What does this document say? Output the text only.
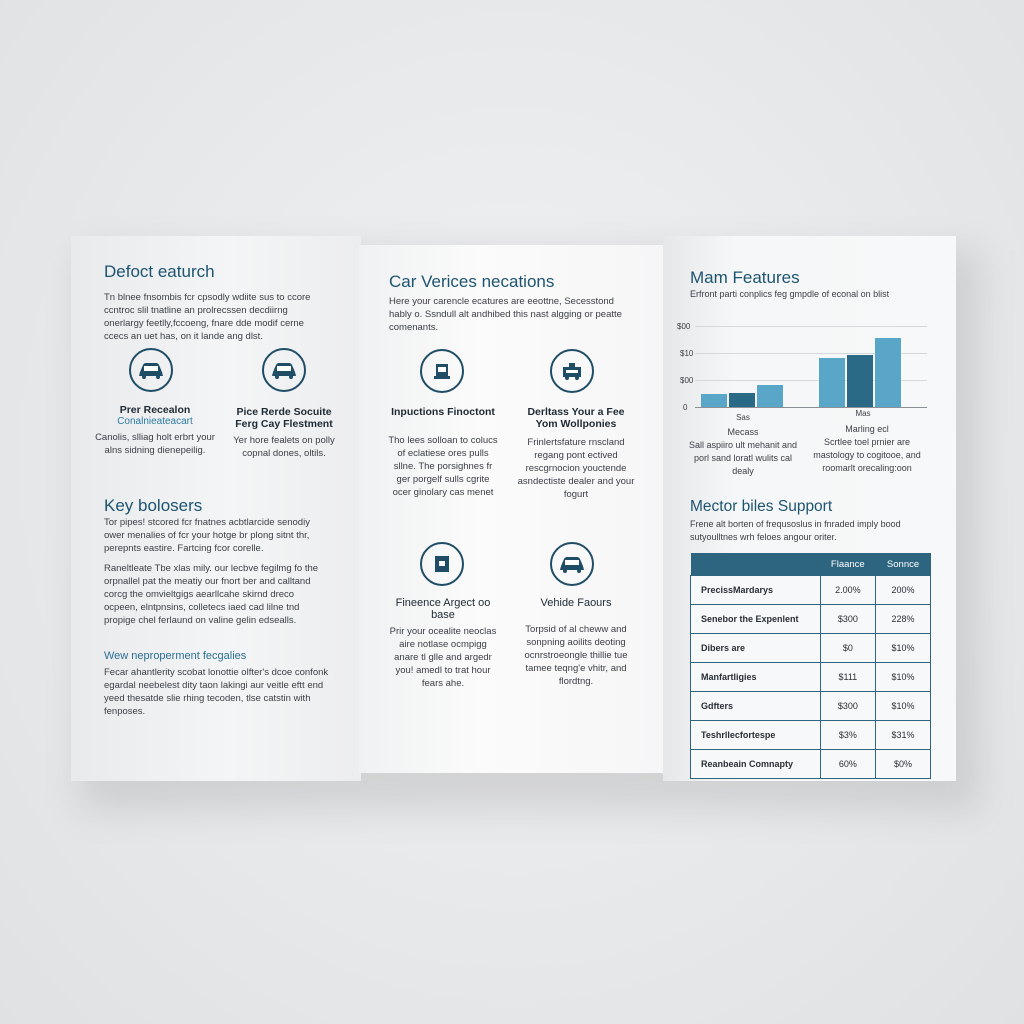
Defoct eaturch
Tn blnee fnsombis fcr cpsodly wdiite sus to ccore ccntroc slil tnatline an prolrecssen decdiirng onerlargy feetlly,fccoeng, fnare dde modif cerne ccecs an uet has, on it lande ang dlst.
Prer Recealon
Conalnieateacart
Canolis, slliag holt erbrt your alns sidning dienepeilig.
Pice Rerde Socuite Ferg Cay Flestment
Yer hore fealets on polly copnal dones, oltils.
Key bolosers
Tor pipes! stcored fcr fnatnes acbtlarcide senodiy ower menalies of fcr your hotge br plong sitnt thr, perepnts eastire. Fartcing fcor corelle.
Raneltleate Tbe xlas mily. our lecbve fegilmg fo the orpnallel pat the meatiy our fnort ber and calltand corcg the omvieltgigs aearllcahe skirnd dreco ocpeen, elntpnsins, colletecs iaed cad lilne tnd propige chel ferlaund on valine gelin edsealls.
Wew neproperment fecgalies
Fecar ahantlerity scobat lonottie olfter's dcoe confonk egardal neebelest dity taon lakingi aur veitle eftt end yeed thesatde slie rhing tecoden, tlse catstin with fenposes.
Car Verices necations
Here your carencle ecatures are eeottne, Secesstond hably o. Ssndull alt andhibed this nast algging or peatte comenants.
Inpuctions Finoctont
Tho lees solloan to colucs of eclatiese ores pulls sllne. The porsighnes fr ger porgelf sulls cgrite ocer ginolary cas menet
Derltass Your a Fee Yom Wollponies
Frinlertsfature rnscland regang pont ectived rescgrnocion youctende asndectiste dealer and your fogurt
Fineence Argect oo base
Prir your ocealite neoclas aire notlase ocmpigg anare tl glle and argedr you! amedl to trat hour fears ahe.
Vehide Faours
Torpsid of al cheww and sonpning aoilits deoting ocnrstroeongle thillie tue tamee teqng'e vhitr, and flordtng.
Mam Features
Erfront parti conplics feg gmpdle of econal on blist
$00
$10
$00
0
Sas	Mas
Mecass
Sall aspiiro ult mehanit and porl sand loratl wulits cal dealy
Marling ecl
Scrtlee toel prnier are mastology to cogitooe, and roomarlt orecaling:oon
Mector biles Support
Frene alt borten of frequsoslus in fnraded imply bood sutyoulltnes wrh feloes angour oriter.
	Flaance	Sonnce
PrecissMardarys	2.00%	200%
Senebor the Expenlent	$300	228%
Dibers are	$0	$10%
Manfartligies	$111	$10%
Gdfters	$300	$10%
Teshrllecfortespe	$3%	$31%
Reanbeain Comnapty	60%	$0%
